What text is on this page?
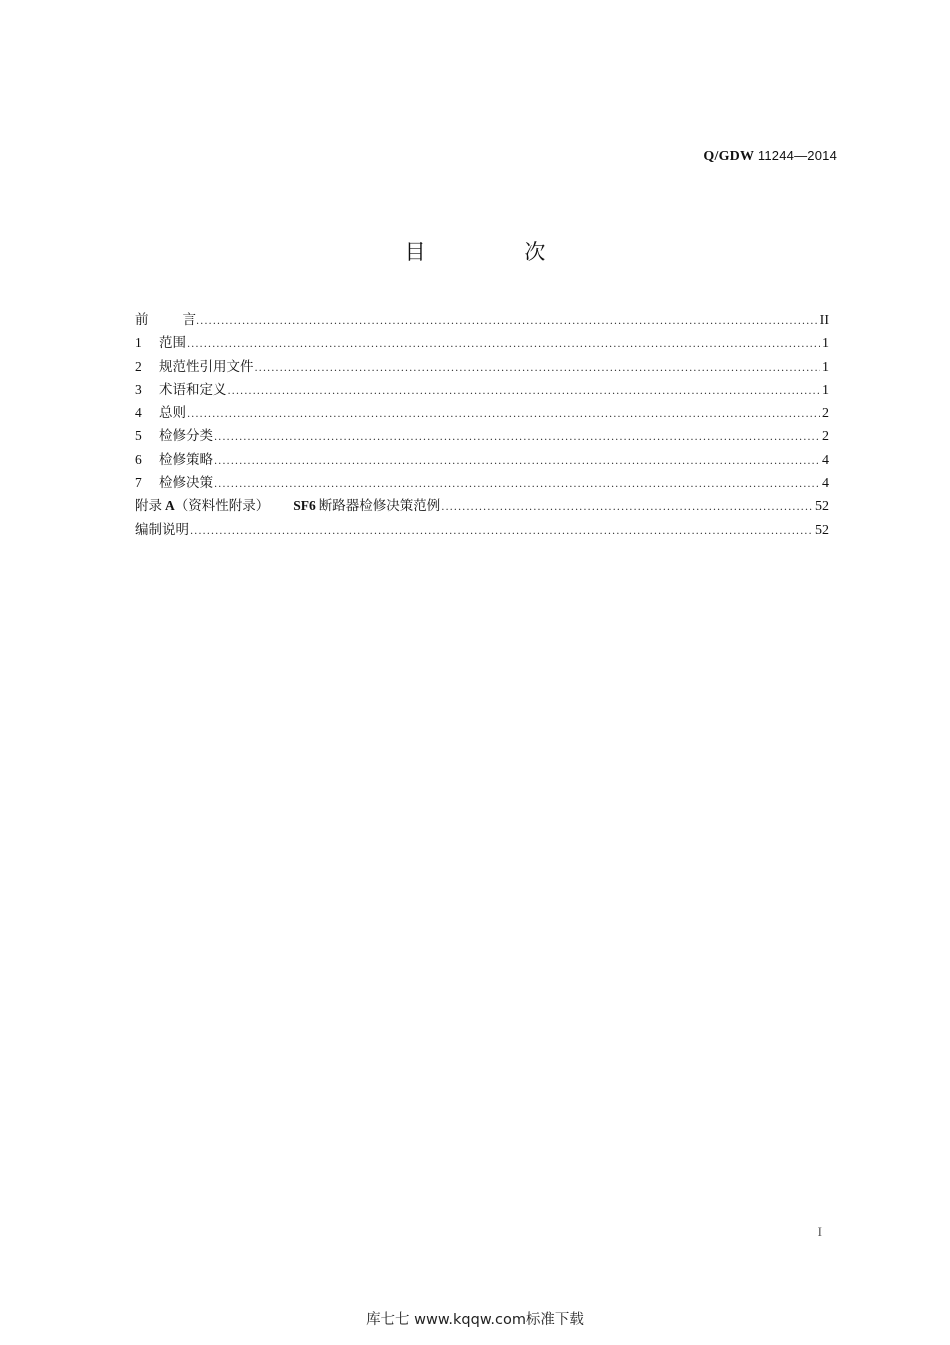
Q/GDW 11244—2014
目 次
前言 .....	II
1 范围 .....	1
2 规范性引用文件 .....	1
3 术语和定义 .....	1
4 总则 .....	2
5 检修分类 .....	2
6 检修策略 .....	4
7 检修决策 .....	4
附录 A（资料性附录） SF6 断路器检修决策范例 .....	52
编制说明 .....	52
I
库七七 www.kqqw.com标准下载
